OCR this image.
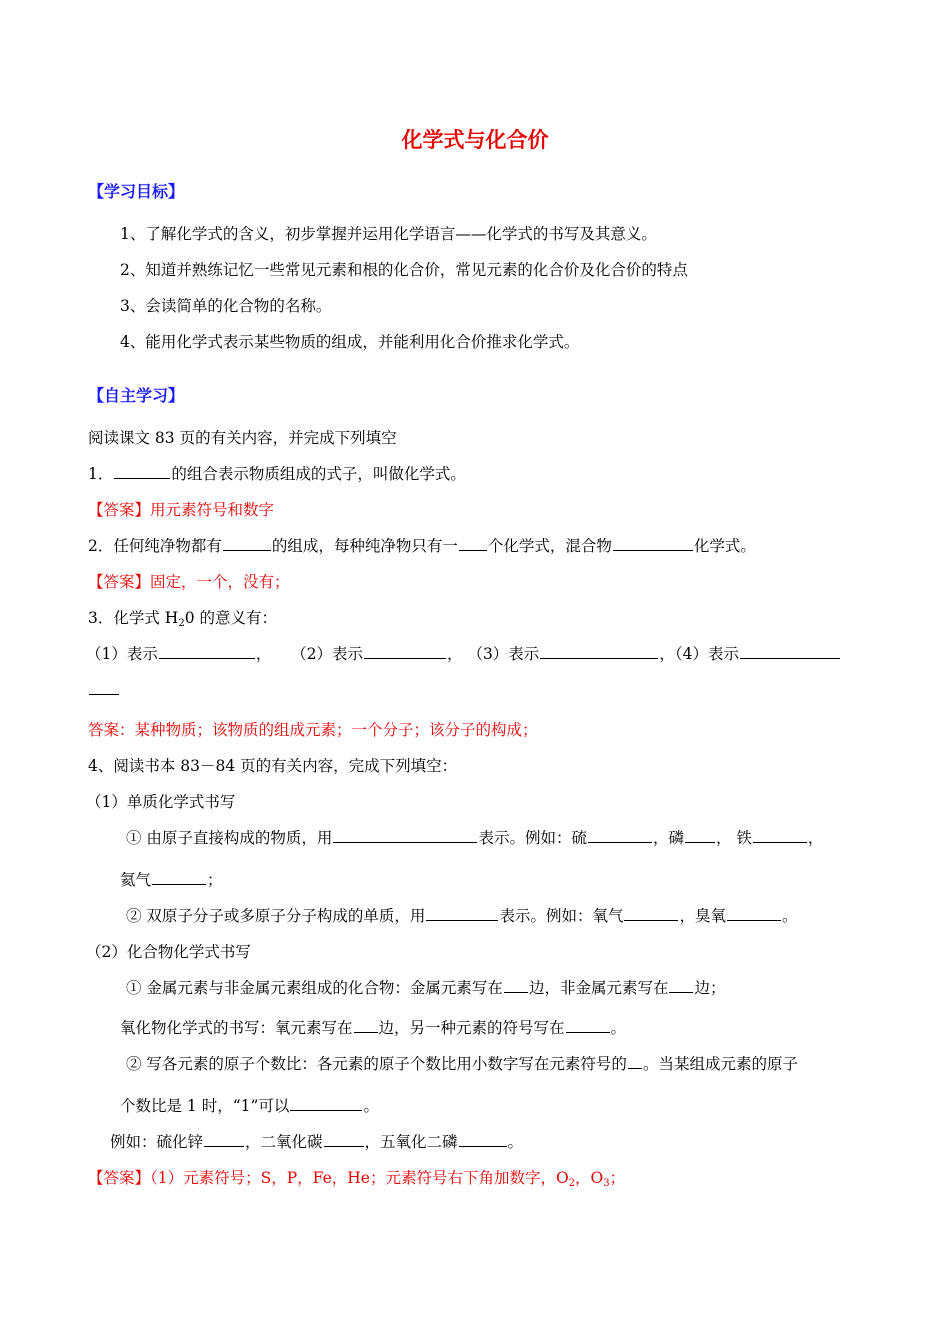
化学式与化合价
【学习目标】
1、了解化学式的含义，初步掌握并运用化学语言——化学式的书写及其意义。
2、知道并熟练记忆一些常见元素和根的化合价，常见元素的化合价及化合价的特点
3、会读简单的化合物的名称。
4、能用化学式表示某些物质的组成，并能利用化合价推求化学式。
【自主学习】
阅读课文 83 页的有关内容，并完成下列填空
1．	的组合表示物质组成的式子，叫做化学式。
【答案】用元素符号和数字
2．任何纯净物都有	的组成，每种纯净物只有一 个化学式，混合物	化学式。
【答案】固定，一个，没有；
3．化学式 $H_20$ 的意义有：
（1）表示	， （2）表示	， （3）表示	，（4）表示
答案：某种物质；该物质的组成元素；一个分子；该分子的构成；
4、阅读书本 83－84 页的有关内容，完成下列填空：
（1）单质化学式书写
① 由原子直接构成的物质，用	表示。例如：硫	，磷 ， 铁	，
氦气	；
② 双原子分子或多原子分子构成的单质，用	表示。例如：氧气	，臭氧	。
（2）化合物化学式书写
① 金属元素与非金属元素组成的化合物：金属元素写在 边，非金属元素写在 边；
氧化物化学式的书写：氧元素写在 边，另一种元素的符号写在	。
② 写各元素的原子个数比：各元素的原子个数比用小数字写在元素符号的 。当某组成元素的原子
个数比是 1 时，“1”可以	。
例如：硫化锌	，二氧化碳	，五氧化二磷	。
【答案】（1）元素符号；S，P，Fe，He；元素符号右下角加数字，$O_2$，$O_3$；
